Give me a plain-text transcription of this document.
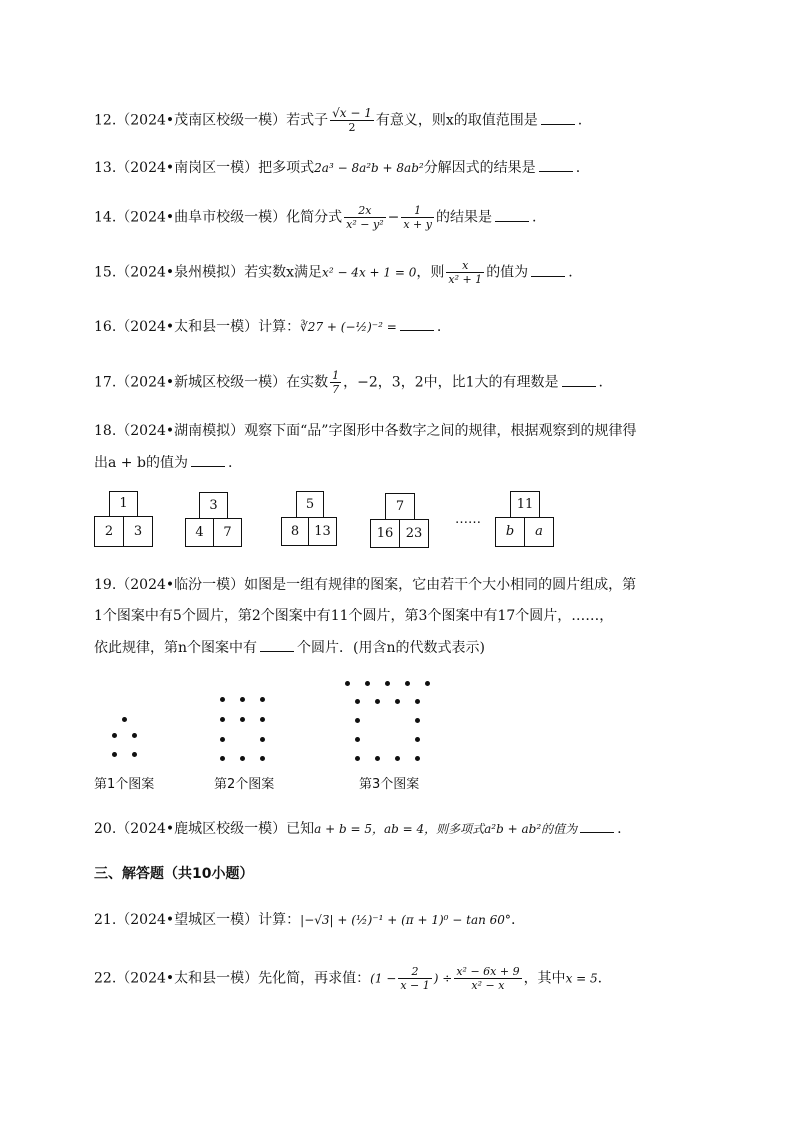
12.（2024•茂南区校级一模）若式子 $\frac{√x - 1}{2}$ 有意义，则x的取值范围是	.
13.（2024•南岗区一模）把多项式2a³ − 8a²b + 8ab²分解因式的结果是	.
14.（2024•曲阜市校级一模）化简分式 $\frac{2x}{\text{x² − y²}} - \frac{1}{x + y}$ 的结果是	.
15.（2024•泉州模拟）若实数x满足x² − 4x + 1 = 0，则 $\frac{x}{\text{x² + 1}}$ 的值为	.
16.（2024•太和县一模）计算：∛27 + (−½)⁻² =	.
17.（2024•新城区校级一模）在实数 $\frac{1}{7}$ ，−2，3，2中，比1大的有理数是	.
18.（2024•湖南模拟）观察下面“品”字图形中各数字之间的规律，根据观察到的规律得
出a + b的值为	.
1
2	3
3
4	7
5
8	13
7
16 23
……
11
b	a
19.（2024•临汾一模）如图是一组有规律的图案，它由若干个大小相同的圆片组成，第
1个图案中有5个圆片，第2个图案中有11个圆片，第3个图案中有17个圆片，……，
依此规律，第n个图案中有	个圆片．(用含n的代数式表示)
第1个图案	第2个图案	第3个图案
20.（2024•鹿城区校级一模）已知a + b = 5，ab = 4，则多项式a²b + ab²的值为	.
三、解答题（共10小题）
21.（2024•望城区一模）计算：|−√3| + (½)⁻¹ + (π + 1)⁰ − tan 60°.
22.（2024•太和县一模）先化简，再求值：($1 - \frac{2}{x - 1}$ ) ÷ $\frac{\text{x² − 6x + 9}}{\text{x² − x}}$ ，其中x = 5.
